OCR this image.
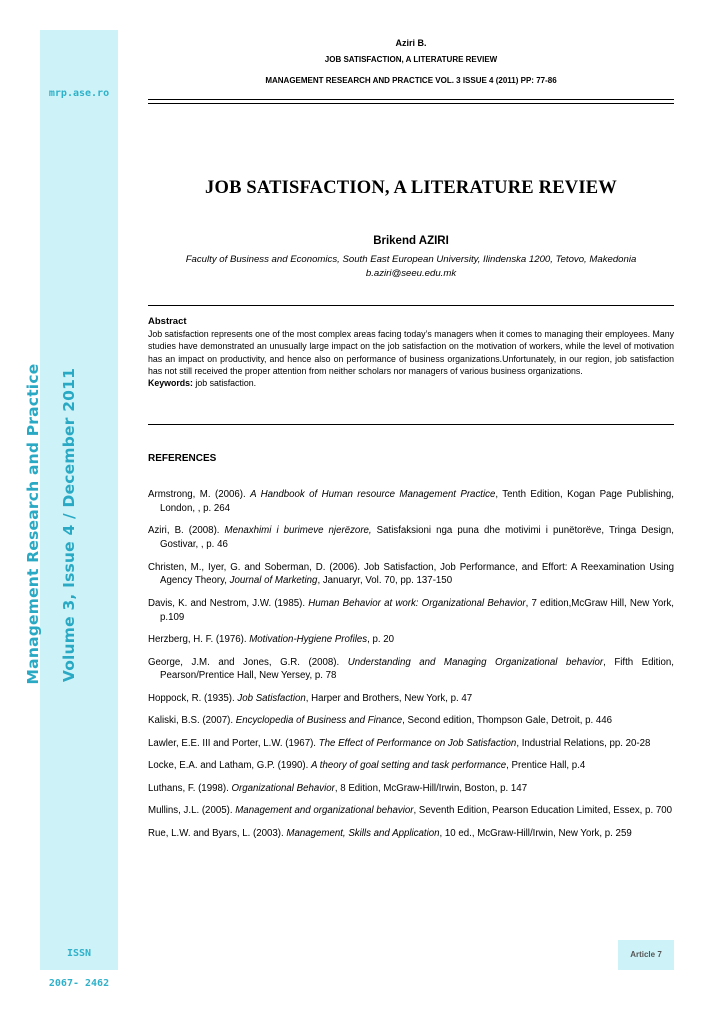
mrp.ase.ro
Management Research and Practice Volume 3, Issue 4 / December 2011
ISSN
2067- 2462
Aziri B.
JOB SATISFACTION, A LITERATURE REVIEW
MANAGEMENT RESEARCH AND PRACTICE VOL. 3 ISSUE 4 (2011) PP: 77-86
JOB SATISFACTION, A LITERATURE REVIEW
Brikend AZIRI
Faculty of Business and Economics, South East European University, Ilindenska 1200, Tetovo, Makedonia
b.aziri@seeu.edu.mk
Abstract

Job satisfaction represents one of the most complex areas facing today’s managers when it comes to managing their employees. Many studies have demonstrated an unusually large impact on the job satisfaction on the motivation of workers, while the level of motivation has an impact on productivity, and hence also on performance of business organizations.Unfortunately, in our region, job satisfaction has not still received the proper attention from neither scholars nor managers of various business organizations.

Keywords: job satisfaction.

REFERENCES
Armstrong, M. (2006). A Handbook of Human resource Management Practice, Tenth Edition, Kogan Page Publishing, London, , p. 264
Aziri, B. (2008). Menaxhimi i burimeve njerëzore, Satisfaksioni nga puna dhe motivimi i punëtorëve, Tringa Design, Gostivar, , p. 46
Christen, M., Iyer, G. and Soberman, D. (2006). Job Satisfaction, Job Performance, and Effort: A Reexamination Using Agency Theory, Journal of Marketing, Januaryr, Vol. 70, pp. 137-150
Davis, K. and Nestrom, J.W. (1985). Human Behavior at work: Organizational Behavior, 7 edition,McGraw Hill, New York, p.109
Herzberg, H. F. (1976). Motivation-Hygiene Profiles, p. 20
George, J.M. and Jones, G.R. (2008). Understanding and Managing Organizational behavior, Fifth Edition, Pearson/Prentice Hall, New Yersey, p. 78
Hoppock, R. (1935). Job Satisfaction, Harper and Brothers, New York, p. 47
Kaliski, B.S. (2007). Encyclopedia of Business and Finance, Second edition, Thompson Gale, Detroit, p. 446
Lawler, E.E. III and Porter, L.W. (1967). The Effect of Performance on Job Satisfaction, Industrial Relations, pp. 20-28
Locke, E.A. and Latham, G.P. (1990). A theory of goal setting and task performance, Prentice Hall, p.4
Luthans, F. (1998). Organizational Behavior, 8 Edition, McGraw-Hill/Irwin, Boston, p. 147
Mullins, J.L. (2005). Management and organizational behavior, Seventh Edition, Pearson Education Limited, Essex, p. 700
Rue, L.W. and Byars, L. (2003). Management, Skills and Application, 10 ed., McGraw-Hill/Irwin, New York, p. 259
Article 7
